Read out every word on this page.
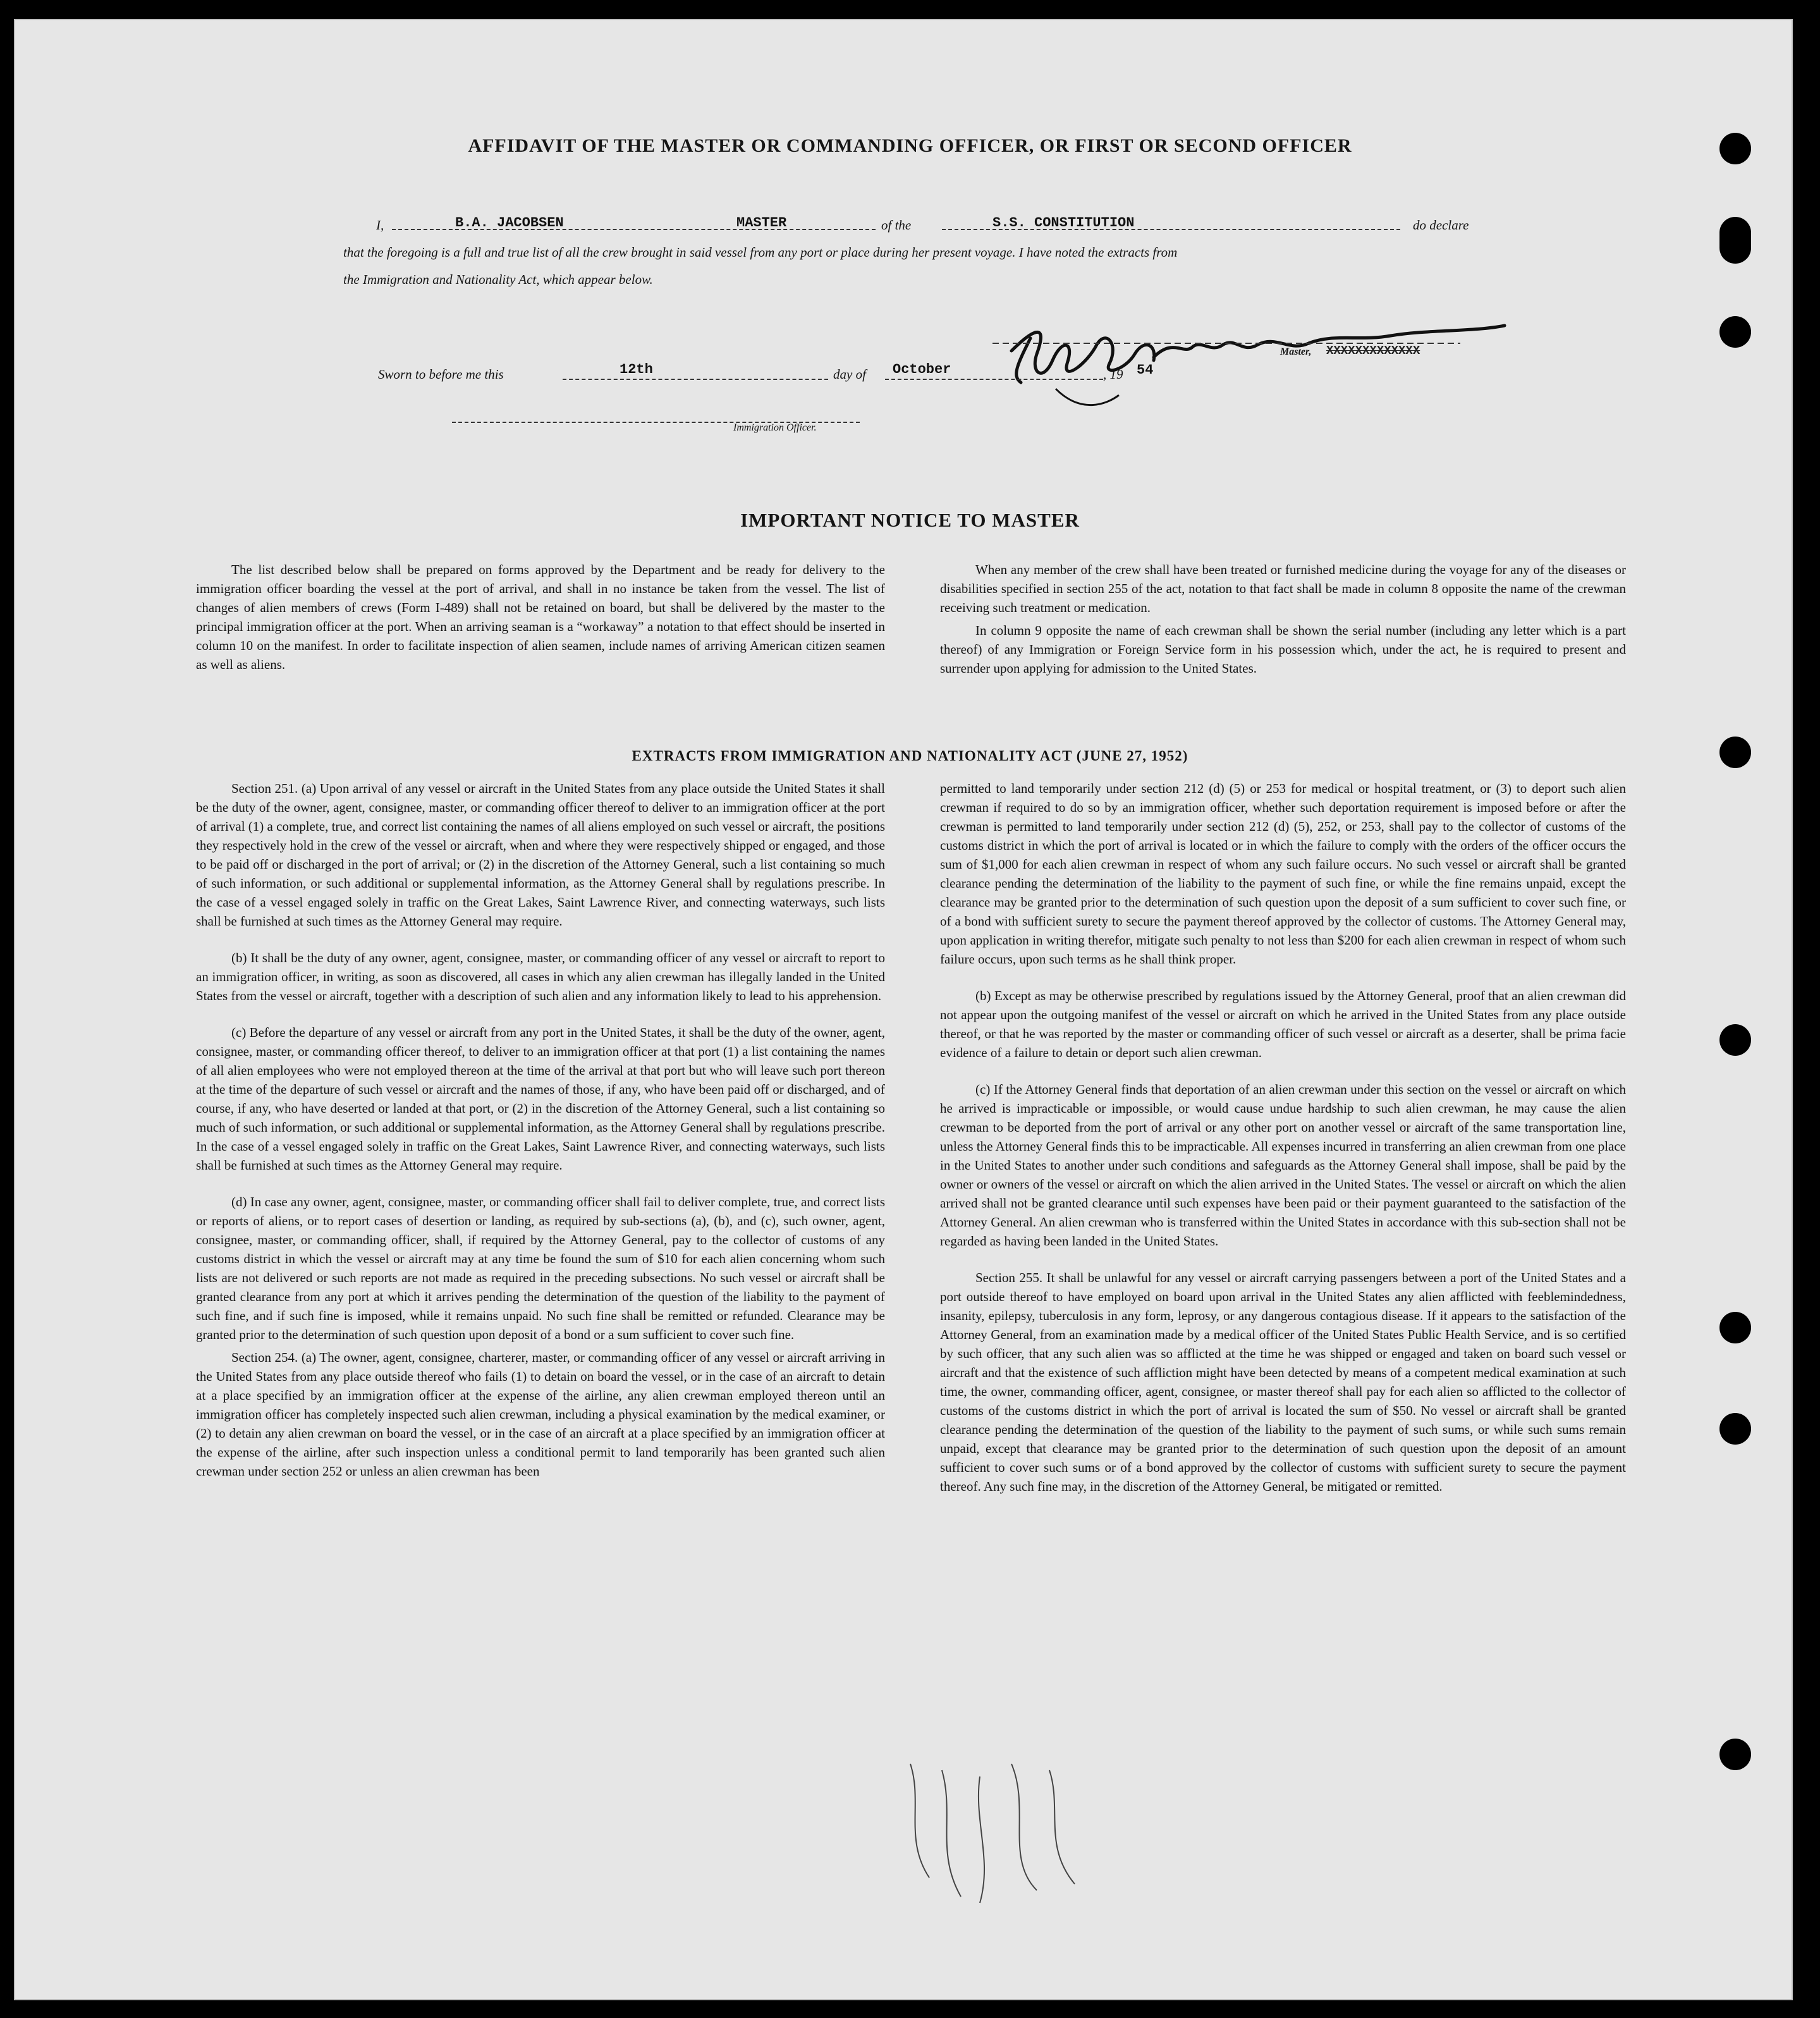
AFFIDAVIT OF THE MASTER OR COMMANDING OFFICER, OR FIRST OR SECOND OFFICER
I,	B.A. JACOBSEN	MASTER	of the	S.S. CONSTITUTION	do declare
that the foregoing is a full and true list of all the crew brought in said vessel from any port or place during her present voyage. I have noted the extracts from
the Immigration and Nationality Act, which appear below.
Master, XXXXXXXXXXXXX
Sworn to before me this	12th	day of October	, 19 54
Immigration Officer.
IMPORTANT NOTICE TO MASTER

The list described below shall be prepared on forms approved by the Department and be ready for delivery to the immigration officer boarding the vessel at the port of arrival, and shall in no instance be taken from the vessel. The list of changes of alien members of crews (Form I-489) shall not be retained on board, but shall be delivered by the master to the principal immigration officer at the port. When an arriving seaman is a “workaway” a notation to that effect should be inserted in column 10 on the manifest. In order to facilitate inspection of alien seamen, include names of arriving American citizen seamen as well as aliens.

When any member of the crew shall have been treated or furnished medicine during the voyage for any of the diseases or disabilities specified in section 255 of the act, notation to that fact shall be made in column 8 opposite the name of the crewman receiving such treatment or medication.

In column 9 opposite the name of each crewman shall be shown the serial number (including any letter which is a part thereof) of any Immigration or Foreign Service form in his possession which, under the act, he is required to present and surrender upon applying for admission to the United States.

EXTRACTS FROM IMMIGRATION AND NATIONALITY ACT (JUNE 27, 1952)

Section 251. (a) Upon arrival of any vessel or aircraft in the United States from any place outside the United States it shall be the duty of the owner, agent, consignee, master, or commanding officer thereof to deliver to an immigration officer at the port of arrival (1) a complete, true, and correct list containing the names of all aliens employed on such vessel or aircraft, the positions they respectively hold in the crew of the vessel or aircraft, when and where they were respectively shipped or engaged, and those to be paid off or discharged in the port of arrival; or (2) in the discretion of the Attorney General, such a list containing so much of such information, or such additional or supplemental information, as the Attorney General shall by regulations prescribe. In the case of a vessel engaged solely in traffic on the Great Lakes, Saint Lawrence River, and connecting waterways, such lists shall be furnished at such times as the Attorney General may require.

(b) It shall be the duty of any owner, agent, consignee, master, or commanding officer of any vessel or aircraft to report to an immigration officer, in writing, as soon as discovered, all cases in which any alien crewman has illegally landed in the United States from the vessel or aircraft, together with a description of such alien and any information likely to lead to his apprehension.

(c) Before the departure of any vessel or aircraft from any port in the United States, it shall be the duty of the owner, agent, consignee, master, or commanding officer thereof, to deliver to an immigration officer at that port (1) a list containing the names of all alien employees who were not employed thereon at the time of the arrival at that port but who will leave such port thereon at the time of the departure of such vessel or aircraft and the names of those, if any, who have been paid off or discharged, and of course, if any, who have deserted or landed at that port, or (2) in the discretion of the Attorney General, such a list containing so much of such information, or such additional or supplemental information, as the Attorney General shall by regulations prescribe. In the case of a vessel engaged solely in traffic on the Great Lakes, Saint Lawrence River, and connecting waterways, such lists shall be furnished at such times as the Attorney General may require.

(d) In case any owner, agent, consignee, master, or commanding officer shall fail to deliver complete, true, and correct lists or reports of aliens, or to report cases of desertion or landing, as required by sub-sections (a), (b), and (c), such owner, agent, consignee, master, or commanding officer, shall, if required by the Attorney General, pay to the collector of customs of any customs district in which the vessel or aircraft may at any time be found the sum of $10 for each alien concerning whom such lists are not delivered or such reports are not made as required in the preceding subsections. No such vessel or aircraft shall be granted clearance from any port at which it arrives pending the determination of the question of the liability to the payment of such fine, and if such fine is imposed, while it remains unpaid. No such fine shall be remitted or refunded. Clearance may be granted prior to the determination of such question upon deposit of a bond or a sum sufficient to cover such fine.

Section 254. (a) The owner, agent, consignee, charterer, master, or commanding officer of any vessel or aircraft arriving in the United States from any place outside thereof who fails (1) to detain on board the vessel, or in the case of an aircraft to detain at a place specified by an immigration officer at the expense of the airline, any alien crewman employed thereon until an immigration officer has completely inspected such alien crewman, including a physical examination by the medical examiner, or (2) to detain any alien crewman on board the vessel, or in the case of an aircraft at a place specified by an immigration officer at the expense of the airline, after such inspection unless a conditional permit to land temporarily has been granted such alien crewman under section 252 or unless an alien crewman has been

permitted to land temporarily under section 212 (d) (5) or 253 for medical or hospital treatment, or (3) to deport such alien crewman if required to do so by an immigration officer, whether such deportation requirement is imposed before or after the crewman is permitted to land temporarily under section 212 (d) (5), 252, or 253, shall pay to the collector of customs of the customs district in which the port of arrival is located or in which the failure to comply with the orders of the officer occurs the sum of $1,000 for each alien crewman in respect of whom any such failure occurs. No such vessel or aircraft shall be granted clearance pending the determination of the liability to the payment of such fine, or while the fine remains unpaid, except the clearance may be granted prior to the determination of such question upon the deposit of a sum sufficient to cover such fine, or of a bond with sufficient surety to secure the payment thereof approved by the collector of customs. The Attorney General may, upon application in writing therefor, mitigate such penalty to not less than $200 for each alien crewman in respect of whom such failure occurs, upon such terms as he shall think proper.

(b) Except as may be otherwise prescribed by regulations issued by the Attorney General, proof that an alien crewman did not appear upon the outgoing manifest of the vessel or aircraft on which he arrived in the United States from any place outside thereof, or that he was reported by the master or commanding officer of such vessel or aircraft as a deserter, shall be prima facie evidence of a failure to detain or deport such alien crewman.

(c) If the Attorney General finds that deportation of an alien crewman under this section on the vessel or aircraft on which he arrived is impracticable or impossible, or would cause undue hardship to such alien crewman, he may cause the alien crewman to be deported from the port of arrival or any other port on another vessel or aircraft of the same transportation line, unless the Attorney General finds this to be impracticable. All expenses incurred in transferring an alien crewman from one place in the United States to another under such conditions and safeguards as the Attorney General shall impose, shall be paid by the owner or owners of the vessel or aircraft on which the alien arrived in the United States. The vessel or aircraft on which the alien arrived shall not be granted clearance until such expenses have been paid or their payment guaranteed to the satisfaction of the Attorney General. An alien crewman who is transferred within the United States in accordance with this sub-section shall not be regarded as having been landed in the United States.

Section 255. It shall be unlawful for any vessel or aircraft carrying passengers between a port of the United States and a port outside thereof to have employed on board upon arrival in the United States any alien afflicted with feeblemindedness, insanity, epilepsy, tuberculosis in any form, leprosy, or any dangerous contagious disease. If it appears to the satisfaction of the Attorney General, from an examination made by a medical officer of the United States Public Health Service, and is so certified by such officer, that any such alien was so afflicted at the time he was shipped or engaged and taken on board such vessel or aircraft and that the existence of such affliction might have been detected by means of a competent medical examination at such time, the owner, commanding officer, agent, consignee, or master thereof shall pay for each alien so afflicted to the collector of customs of the customs district in which the port of arrival is located the sum of $50. No vessel or aircraft shall be granted clearance pending the determination of the question of the liability to the payment of such sums, or while such sums remain unpaid, except that clearance may be granted prior to the determination of such question upon the deposit of an amount sufficient to cover such sums or of a bond approved by the collector of customs with sufficient surety to secure the payment thereof. Any such fine may, in the discretion of the Attorney General, be mitigated or remitted.
